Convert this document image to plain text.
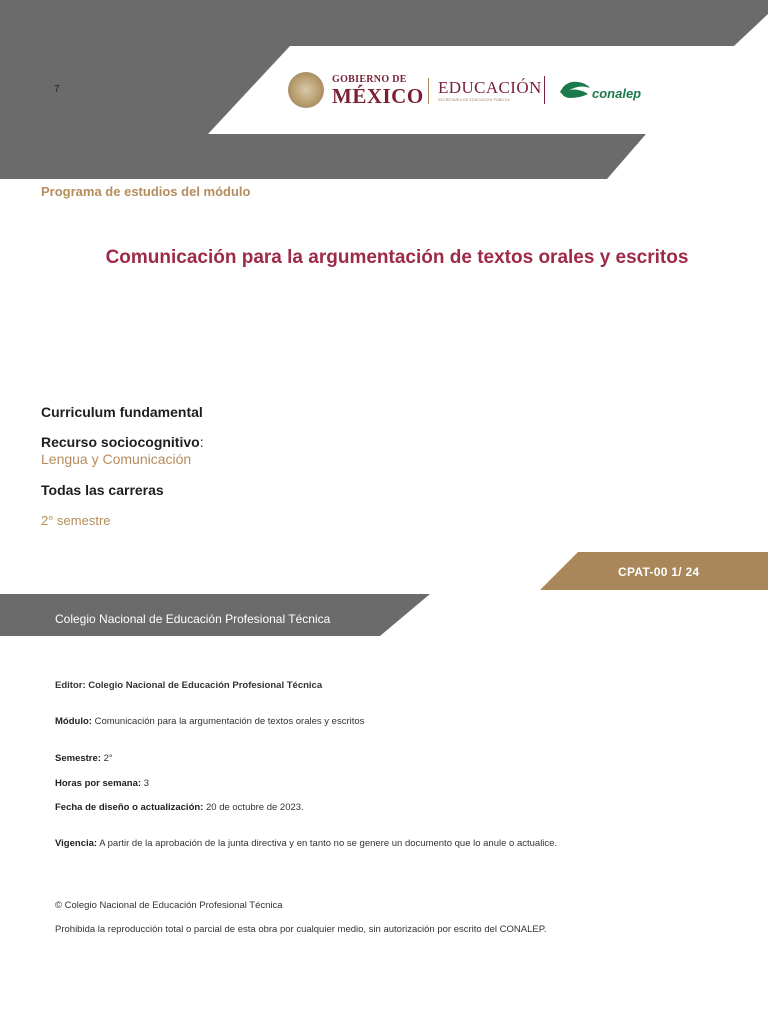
7
GOBIERNO DE
MÉXICO EDUCACIÓN
SECRETARÍA DE EDUCACIÓN PÚBLICA	conalep
Programa de estudios del módulo
Comunicación para la argumentación de textos orales y escritos
Curriculum fundamental
Recurso sociocognitivo:
Lengua y Comunicación
Todas las carreras
2° semestre
CPAT-00 1/ 24
Colegio Nacional de Educación Profesional Técnica
Editor: Colegio Nacional de Educación Profesional Técnica
Módulo: Comunicación para la argumentación de textos orales y escritos
Semestre: 2°
Horas por semana: 3
Fecha de diseño o actualización: 20 de octubre de 2023.
Vigencia: A partir de la aprobación de la junta directiva y en tanto no se genere un documento que lo anule o actualice.
© Colegio Nacional de Educación Profesional Técnica
Prohibida la reproducción total o parcial de esta obra por cualquier medio, sin autorización por escrito del CONALEP.
